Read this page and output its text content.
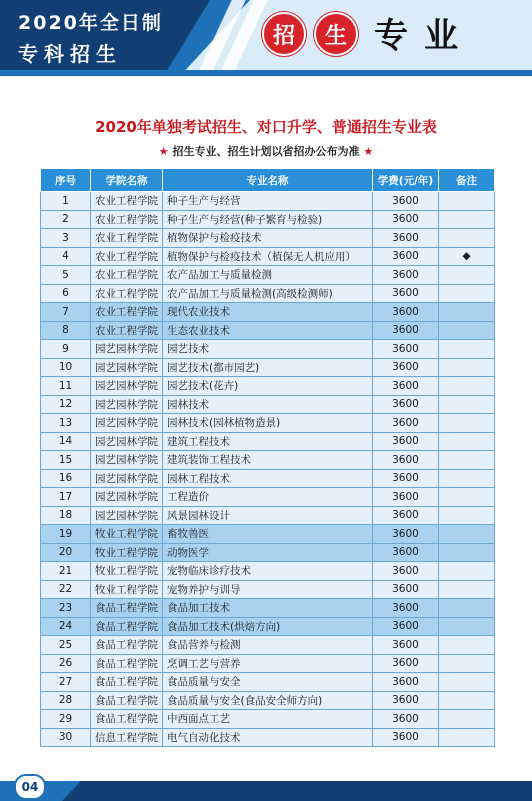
2020年全日制
专科招生
招	生 专 业
2020年单独考试招生、对口升学、普通招生专业表
★ 招生专业、招生计划以省招办公布为准 ★
序号	学院名称	专业名称	学费(元/年)	备注
1	农业工程学院	种子生产与经营	3600	
2	农业工程学院	种子生产与经营(种子繁育与检验)	3600	
3	农业工程学院	植物保护与检疫技术	3600	
4	农业工程学院	植物保护与检疫技术（植保无人机应用）	3600	◆
5	农业工程学院	农产品加工与质量检测	3600	
6	农业工程学院	农产品加工与质量检测(高级检测师)	3600	
7	农业工程学院	现代农业技术	3600	
8	农业工程学院	生态农业技术	3600	
9	园艺园林学院	园艺技术	3600	
10	园艺园林学院	园艺技术(都市园艺)	3600	
11	园艺园林学院	园艺技术(花卉)	3600	
12	园艺园林学院	园林技术	3600	
13	园艺园林学院	园林技术(园林植物造景)	3600	
14	园艺园林学院	建筑工程技术	3600	
15	园艺园林学院	建筑装饰工程技术	3600	
16	园艺园林学院	园林工程技术	3600	
17	园艺园林学院	工程造价	3600	
18	园艺园林学院	风景园林设计	3600	
19	牧业工程学院	畜牧兽医	3600	
20	牧业工程学院	动物医学	3600	
21	牧业工程学院	宠物临床诊疗技术	3600	
22	牧业工程学院	宠物养护与训导	3600	
23	食品工程学院	食品加工技术	3600	
24	食品工程学院	食品加工技术(烘焙方向)	3600	
25	食品工程学院	食品营养与检测	3600	
26	食品工程学院	烹调工艺与营养	3600	
27	食品工程学院	食品质量与安全	3600	
28	食品工程学院	食品质量与安全(食品安全师方向)	3600	
29	食品工程学院	中西面点工艺	3600	
30	信息工程学院	电气自动化技术	3600	
04
